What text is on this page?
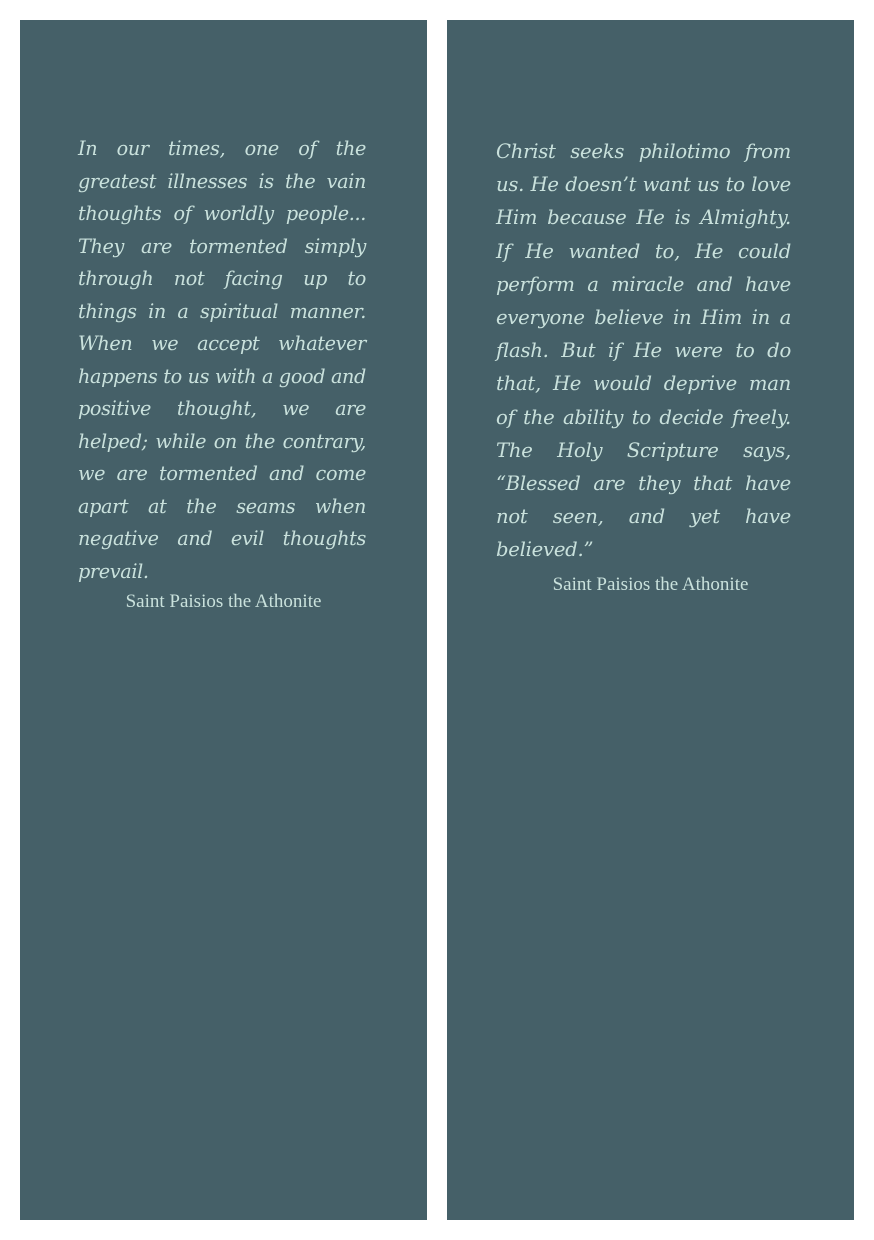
In our times, one of the greatest illnesses is the vain thoughts of worldly people... They are tormented simply through not facing up to things in a spiritual manner. When we accept whatever happens to us with a good and positive thought, we are helped; while on the contrary, we are tormented and come apart at the seams when negative and evil thoughts prevail.

Saint Paisios the Athonite

Christ seeks philotimo from us. He doesn’t want us to love Him because He is Almighty. If He wanted to, He could perform a miracle and have everyone believe in Him in a flash. But if He were to do that, He would deprive man of the ability to decide freely. The Holy Scripture says, “Blessed are they that have not seen, and yet have believed.”

Saint Paisios the Athonite
